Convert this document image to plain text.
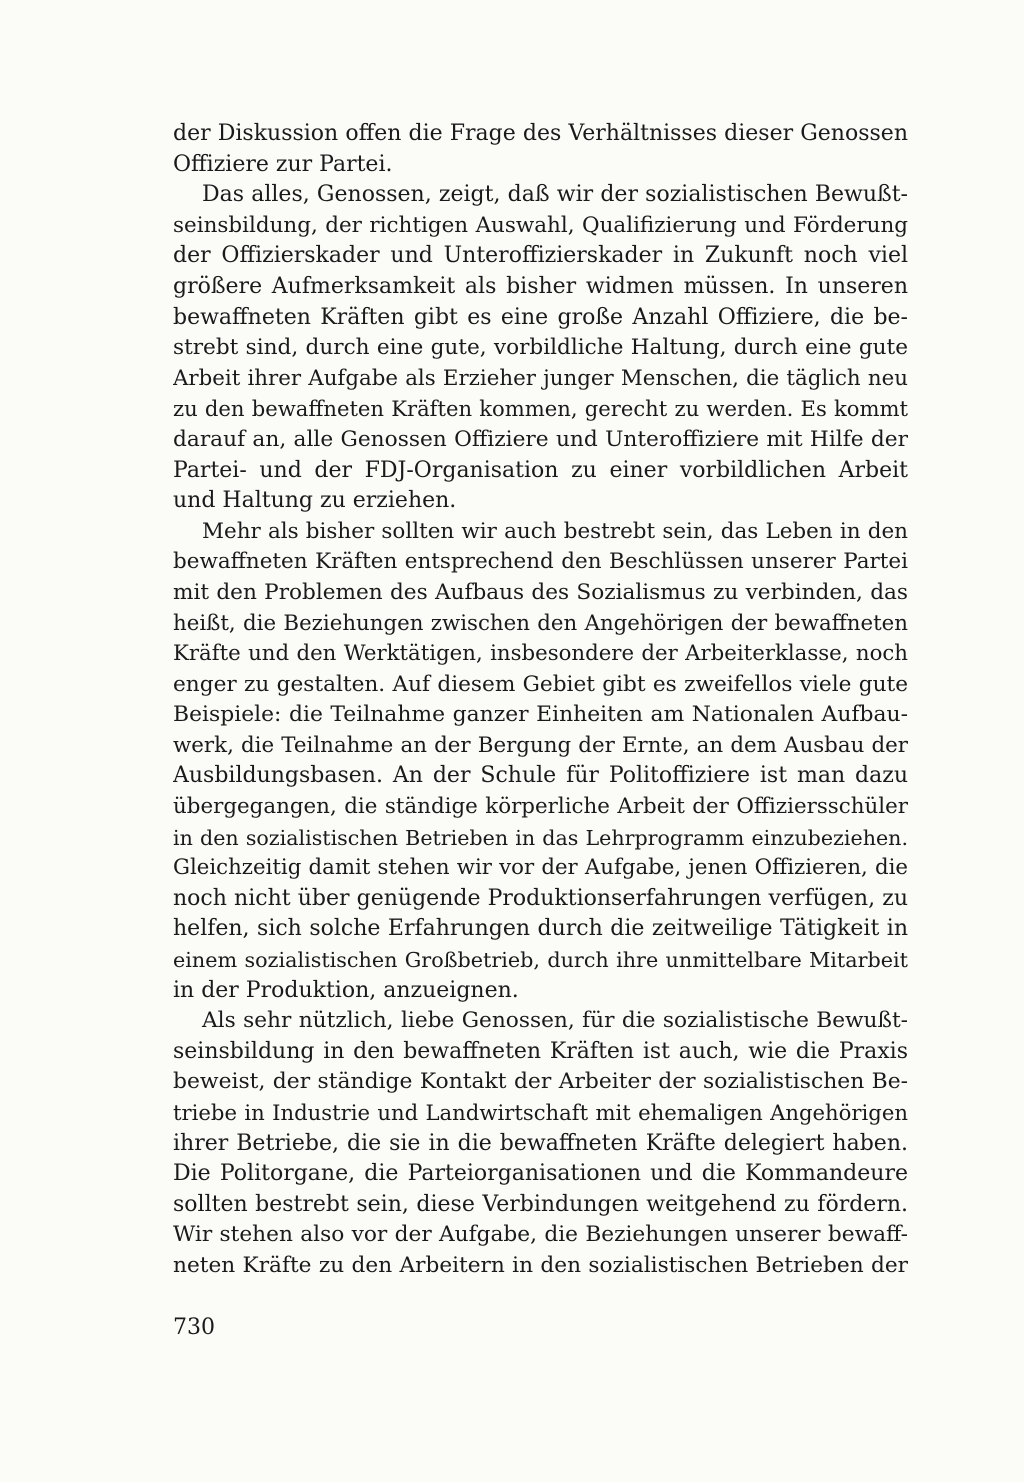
der Diskussion offen die Frage des Verhältnisses dieser Genossen
Offiziere zur Partei.
Das alles, Genossen, zeigt, daß wir der sozialistischen Bewußt-
seinsbildung, der richtigen Auswahl, Qualifizierung und Förderung
der Offizierskader und Unteroffizierskader in Zukunft noch viel
größere Aufmerksamkeit als bisher widmen müssen. In unseren
bewaffneten Kräften gibt es eine große Anzahl Offiziere, die be-
strebt sind, durch eine gute, vorbildliche Haltung, durch eine gute
Arbeit ihrer Aufgabe als Erzieher junger Menschen, die täglich neu
zu den bewaffneten Kräften kommen, gerecht zu werden. Es kommt
darauf an, alle Genossen Offiziere und Unteroffiziere mit Hilfe der
Partei- und der FDJ-Organisation zu einer vorbildlichen Arbeit
und Haltung zu erziehen.
Mehr als bisher sollten wir auch bestrebt sein, das Leben in den
bewaffneten Kräften entsprechend den Beschlüssen unserer Partei
mit den Problemen des Aufbaus des Sozialismus zu verbinden, das
heißt, die Beziehungen zwischen den Angehörigen der bewaffneten
Kräfte und den Werktätigen, insbesondere der Arbeiterklasse, noch
enger zu gestalten. Auf diesem Gebiet gibt es zweifellos viele gute
Beispiele: die Teilnahme ganzer Einheiten am Nationalen Aufbau-
werk, die Teilnahme an der Bergung der Ernte, an dem Ausbau der
Ausbildungsbasen. An der Schule für Politoffiziere ist man dazu
übergegangen, die ständige körperliche Arbeit der Offiziersschüler
in den sozialistischen Betrieben in das Lehrprogramm einzubeziehen.
Gleichzeitig damit stehen wir vor der Aufgabe, jenen Offizieren, die
noch nicht über genügende Produktionserfahrungen verfügen, zu
helfen, sich solche Erfahrungen durch die zeitweilige Tätigkeit in
einem sozialistischen Großbetrieb, durch ihre unmittelbare Mitarbeit
in der Produktion, anzueignen.
Als sehr nützlich, liebe Genossen, für die sozialistische Bewußt-
seinsbildung in den bewaffneten Kräften ist auch, wie die Praxis
beweist, der ständige Kontakt der Arbeiter der sozialistischen Be-
triebe in Industrie und Landwirtschaft mit ehemaligen Angehörigen
ihrer Betriebe, die sie in die bewaffneten Kräfte delegiert haben.
Die Politorgane, die Parteiorganisationen und die Kommandeure
sollten bestrebt sein, diese Verbindungen weitgehend zu fördern.
Wir stehen also vor der Aufgabe, die Beziehungen unserer bewaff-
neten Kräfte zu den Arbeitern in den sozialistischen Betrieben der
730
